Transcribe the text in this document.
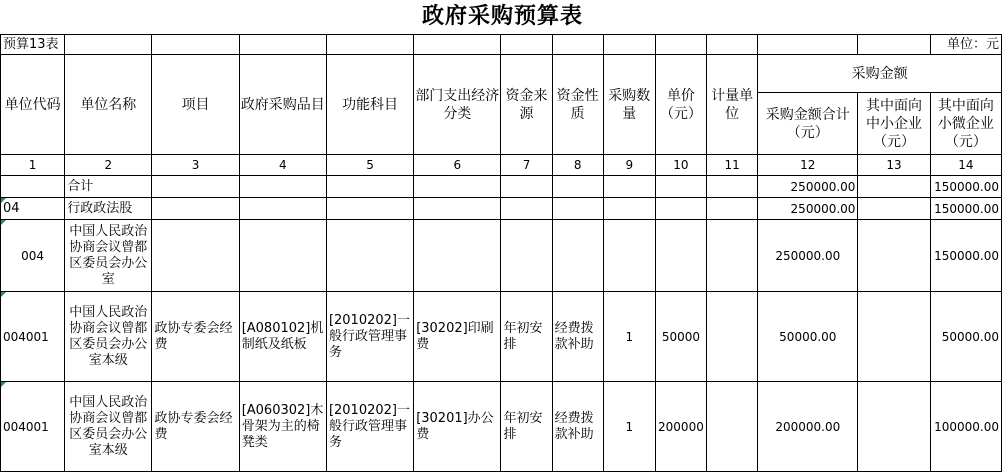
政府采购预算表
预算13表													单位：元
单位代码	单位名称	项目	政府采购品目	功能科目	部门支出经济分类	资金来源	资金性质	采购数量	单价（元）	计量单位	采购金额		
											采购金额合计（元）	其中面向中小企业（元）	其中面向小微企业（元）
1	2	3	4	5	6	7	8	9	10	11	12	13	14
	合计										250000.00		150000.00
04	行政政法股										250000.00		150000.00
004	中国人民政治协商会议曾都区委员会办公室										250000.00		150000.00
004001	中国人民政治协商会议曾都区委员会办公室本级	政协专委会经费	[A080102]机制纸及纸板	[2010202]一般行政管理事务	[30202]印刷费	年初安排	经费拨款补助	1	50000		50000.00		50000.00
004001	中国人民政治协商会议曾都区委员会办公室本级	政协专委会经费	[A060302]木骨架为主的椅凳类	[2010202]一般行政管理事务	[30201]办公费	年初安排	经费拨款补助	1	200000		200000.00		100000.00
